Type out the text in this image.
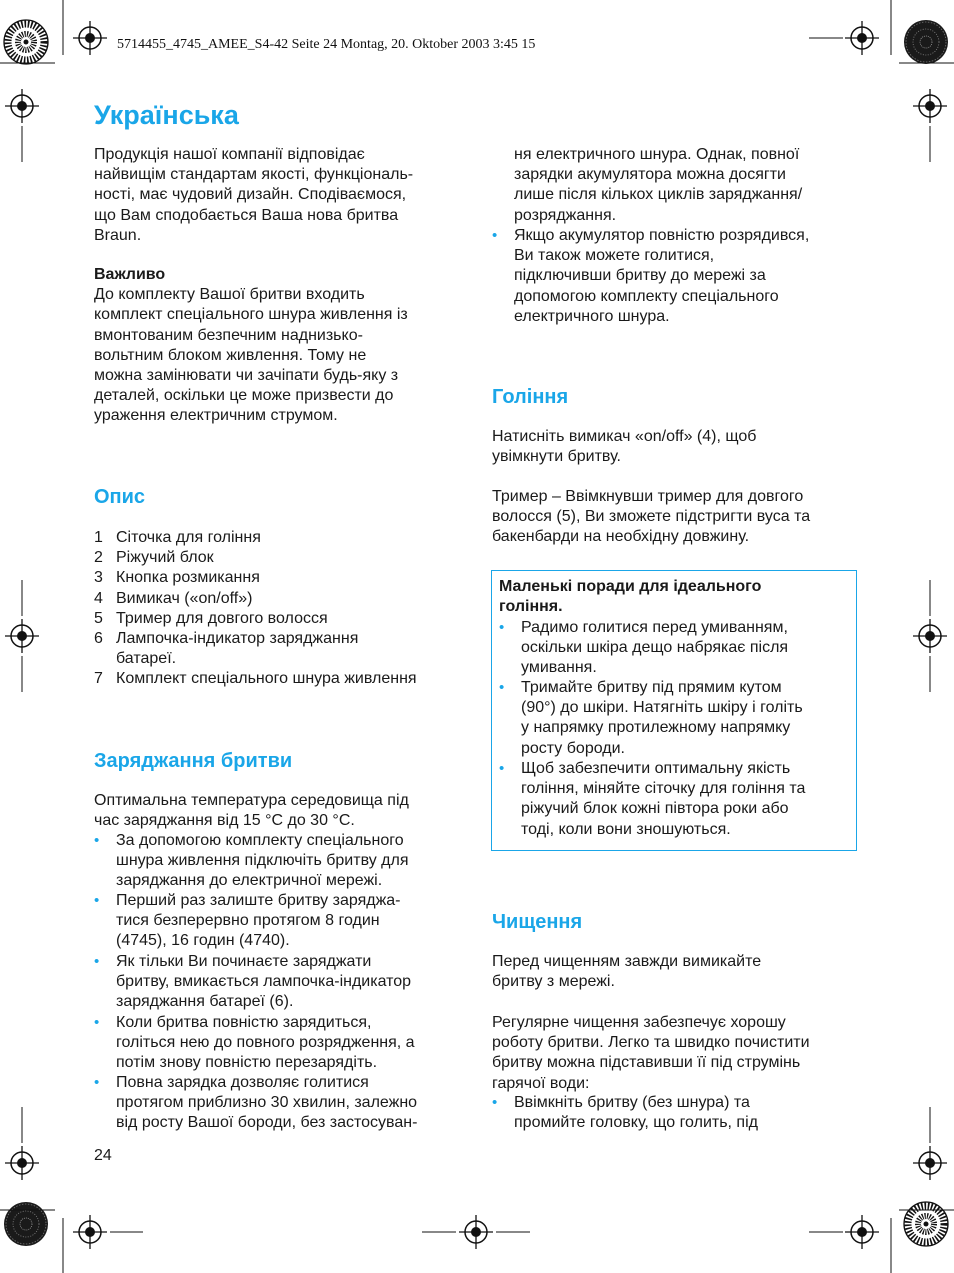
5714455_4745_AMEE_S4-42 Seite 24 Montag, 20. Oktober 2003 3:45 15
Українська
Продукція нашої компанії відповідає
найвищім стандартам якості, функціональ-
ності, має чудовий дизайн. Сподіваємося,
що Вам сподобається Ваша нова бритва
Braun.
Важливо
До комплекту Вашої бритви входить
комплект спеціального шнура живлення із
вмонтованим безпечним наднизько-
вольтним блоком живлення. Тому не
можна замінювати чи зачіпати будь-яку з
деталей, оскільки це може призвести до
ураження електричним струмом.
Опис
1 Сіточка для гоління
2 Ріжучий блок
3 Кнопка розмикання
4 Вимикач («on/off»)
5 Тример для довгого волосся
6 Лампочка-індикатор заряджання
батареї.
7 Комплект спеціального шнура живлення
Заряджання бритви
Оптимальна температура середовища під
час заряджання від 15 °C до 30 °C.
• За допомогою комплекту спеціального
шнура живлення підключіть бритву для
заряджання до електричної мережі.
• Перший раз залиште бритву заряджа-
тися безперервно протягом 8 годин
(4745), 16 годин (4740).
• Як тільки Ви починаєте заряджати
бритву, вмикається лампочка-індикатор
заряджання батареї (6).
• Коли бритва повністю зарядиться,
голіться нею до повного розрядження, а
потім знову повністю перезарядіть.
• Повна зарядка дозволяє голитися
протягом приблизно 30 хвилин, залежно
від росту Вашої бороди, без застосуван-
24
ня електричного шнура. Однак, повної
зарядки акумулятора можна досягти
лише після кількох циклів заряджання/
розряджання.
• Якщо акумулятор повністю розрядився,
Ви також можете голитися,
підключивши бритву до мережі за
допомогою комплекту спеціального
електричного шнура.
Гоління
Натисніть вимикач «on/off» (4), щоб
увімкнути бритву.
Тример – Ввімкнувши тример для довгого
волосся (5), Ви зможете підстригти вуса та
бакенбарди на необхідну довжину.
Маленькі поради для ідеального
гоління.
• Радимо голитися перед умиванням,
оскільки шкіра дещо набрякає після
умивання.
• Тримайте бритву під прямим кутом
(90°) до шкіри. Натягніть шкіру і голіть
у напрямку протилежному напрямку
росту бороди.
• Щоб забезпечити оптимальну якість
гоління, міняйте сіточку для гоління та
ріжучий блок кожні півтора роки або
тоді, коли вони зношуються.
Чищення
Перед чищенням завжди вимикайте
бритву з мережі.
Регулярне чищення забезпечує хорошу
роботу бритви. Легко та швидко почистити
бритву можна підставивши її під струмінь
гарячої води:
• Ввімкніть бритву (без шнура) та
промийте головку, що голить, під
